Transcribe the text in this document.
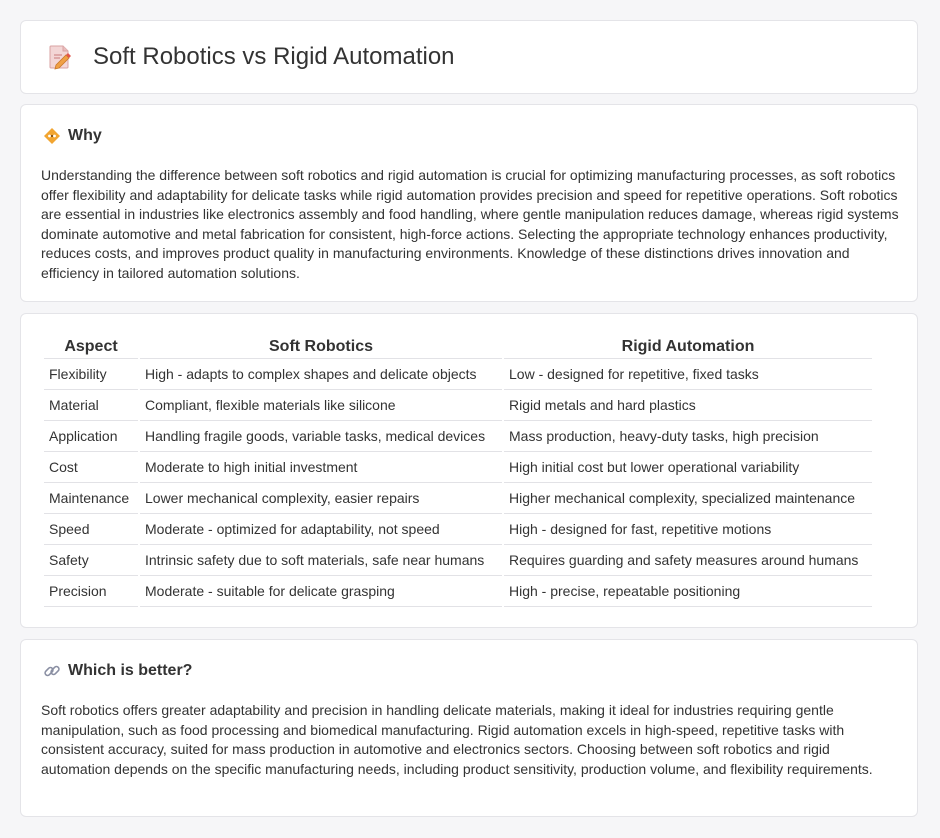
Soft Robotics vs Rigid Automation
Why

Understanding the difference between soft robotics and rigid automation is crucial for optimizing manufacturing processes, as soft robotics offer flexibility and adaptability for delicate tasks while rigid automation provides precision and speed for repetitive operations. Soft robotics are essential in industries like electronics assembly and food handling, where gentle manipulation reduces damage, whereas rigid systems dominate automotive and metal fabrication for consistent, high-force actions. Selecting the appropriate technology enhances productivity, reduces costs, and improves product quality in manufacturing environments. Knowledge of these distinctions drives innovation and efficiency in tailored automation solutions.

Aspect	Soft Robotics	Rigid Automation
Flexibility	High - adapts to complex shapes and delicate objects	Low - designed for repetitive, fixed tasks
Material	Compliant, flexible materials like silicone	Rigid metals and hard plastics
Application	Handling fragile goods, variable tasks, medical devices	Mass production, heavy-duty tasks, high precision
Cost	Moderate to high initial investment	High initial cost but lower operational variability
Maintenance	Lower mechanical complexity, easier repairs	Higher mechanical complexity, specialized maintenance
Speed	Moderate - optimized for adaptability, not speed	High - designed for fast, repetitive motions
Safety	Intrinsic safety due to soft materials, safe near humans	Requires guarding and safety measures around humans
Precision	Moderate - suitable for delicate grasping	High - precise, repeatable positioning
Which is better?

Soft robotics offers greater adaptability and precision in handling delicate materials, making it ideal for industries requiring gentle manipulation, such as food processing and biomedical manufacturing. Rigid automation excels in high-speed, repetitive tasks with consistent accuracy, suited for mass production in automotive and electronics sectors. Choosing between soft robotics and rigid automation depends on the specific manufacturing needs, including product sensitivity, production volume, and flexibility requirements.
